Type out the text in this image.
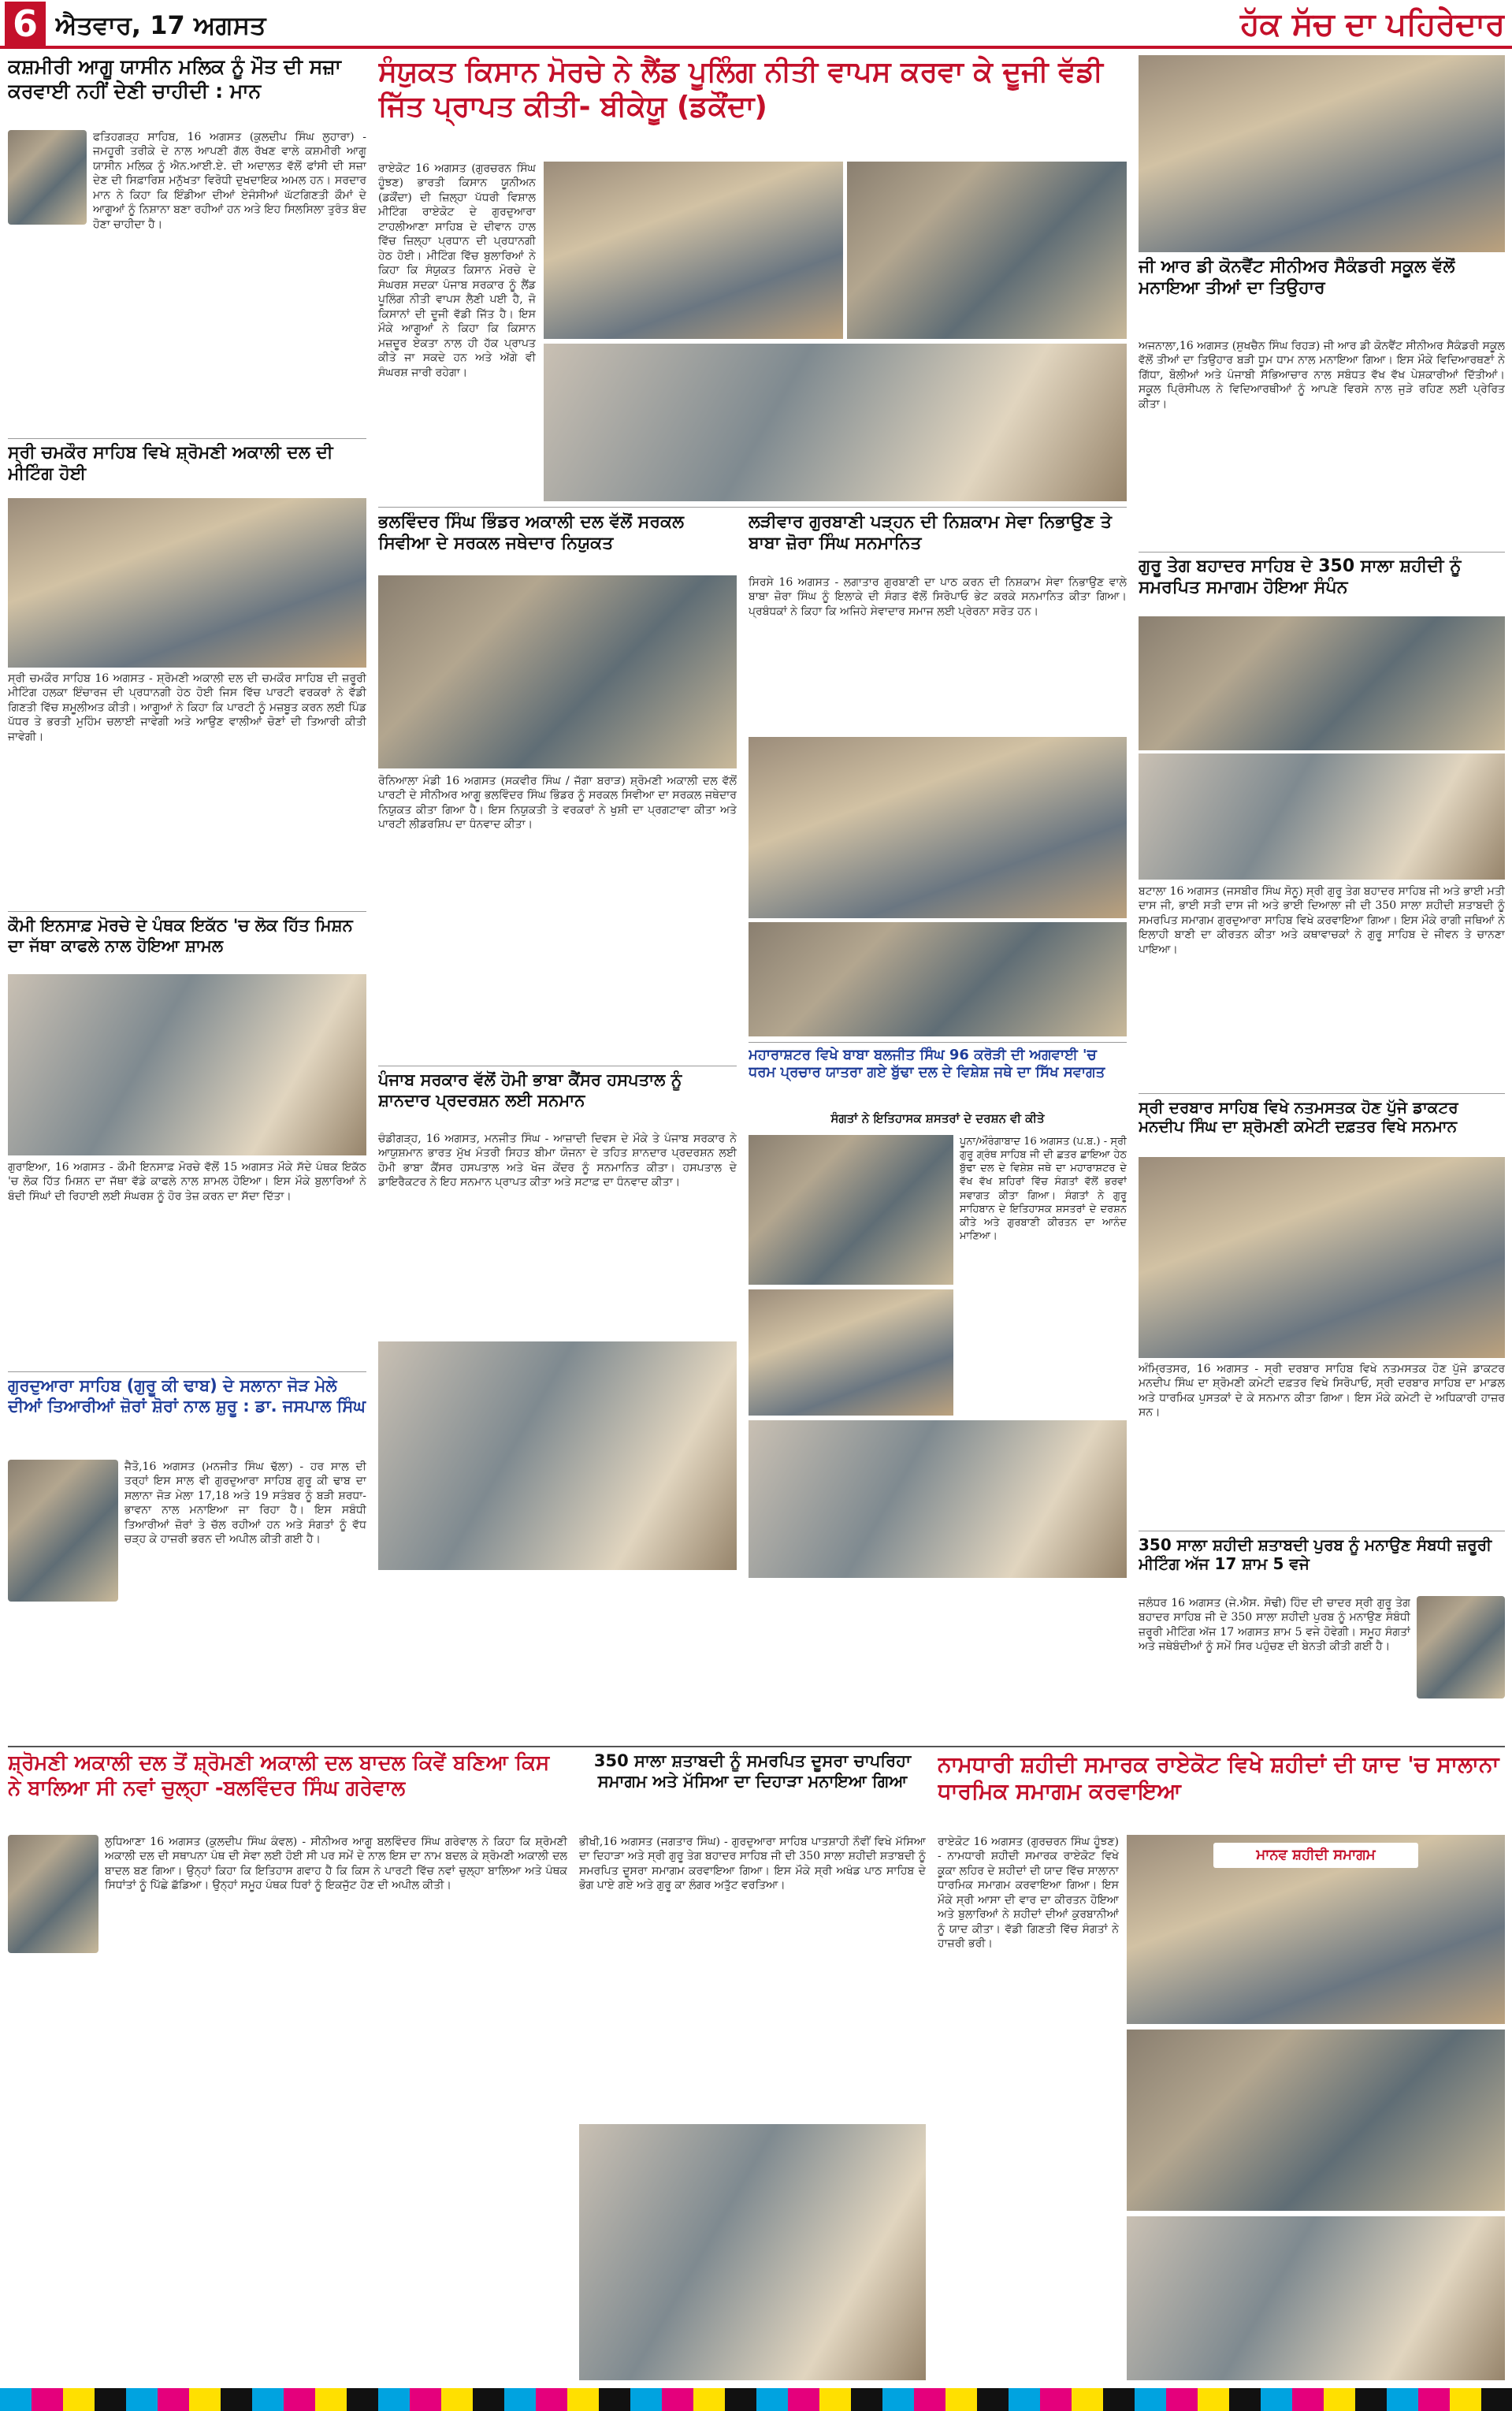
6 ਐਤਵਾਰ, 17 ਅਗਸਤ	ਹੱਕ ਸੱਚ ਦਾ ਪਹਿਰੇਦਾਰ
ਕਸ਼ਮੀਰੀ ਆਗੂ ਯਾਸੀਨ ਮਲਿਕ ਨੂੰ ਮੌਤ ਦੀ ਸਜ਼ਾ ਕਰਵਾਈ ਨਹੀਂ ਦੇਣੀ ਚਾਹੀਦੀ : ਮਾਨ
ਫਤਿਹਗੜ੍ਹ ਸਾਹਿਬ, 16 ਅਗਸਤ (ਕੁਲਦੀਪ ਸਿੰਘ ਲੁਹਾਰਾ) - ਜਮਹੂਰੀ ਤਰੀਕੇ ਦੇ ਨਾਲ ਆਪਣੀ ਗੱਲ ਰੱਖਣ ਵਾਲੇ ਕਸ਼ਮੀਰੀ ਆਗੂ ਯਾਸੀਨ ਮਲਿਕ ਨੂੰ ਐਨ.ਆਈ.ਏ. ਦੀ ਅਦਾਲਤ ਵੱਲੋਂ ਫਾਂਸੀ ਦੀ ਸਜ਼ਾ ਦੇਣ ਦੀ ਸਿਫ਼ਾਰਿਸ਼ ਮਨੁੱਖਤਾ ਵਿਰੋਧੀ ਦੁਖਦਾਇਕ ਅਮਲ ਹਨ। ਸਰਦਾਰ ਮਾਨ ਨੇ ਕਿਹਾ ਕਿ ਇੰਡੀਆ ਦੀਆਂ ਏਜੰਸੀਆਂ ਘੱਟਗਿਣਤੀ ਕੌਮਾਂ ਦੇ ਆਗੂਆਂ ਨੂੰ ਨਿਸ਼ਾਨਾ ਬਣਾ ਰਹੀਆਂ ਹਨ ਅਤੇ ਇਹ ਸਿਲਸਿਲਾ ਤੁਰੰਤ ਬੰਦ ਹੋਣਾ ਚਾਹੀਦਾ ਹੈ।
ਸ੍ਰੀ ਚਮਕੌਰ ਸਾਹਿਬ ਵਿਖੇ ਸ਼੍ਰੋਮਣੀ ਅਕਾਲੀ ਦਲ ਦੀ ਮੀਟਿੰਗ ਹੋਈ
ਸ੍ਰੀ ਚਮਕੌਰ ਸਾਹਿਬ 16 ਅਗਸਤ - ਸ਼੍ਰੋਮਣੀ ਅਕਾਲੀ ਦਲ ਦੀ ਚਮਕੌਰ ਸਾਹਿਬ ਦੀ ਜ਼ਰੂਰੀ ਮੀਟਿੰਗ ਹਲਕਾ ਇੰਚਾਰਜ ਦੀ ਪ੍ਰਧਾਨਗੀ ਹੇਠ ਹੋਈ ਜਿਸ ਵਿੱਚ ਪਾਰਟੀ ਵਰਕਰਾਂ ਨੇ ਵੱਡੀ ਗਿਣਤੀ ਵਿੱਚ ਸ਼ਮੂਲੀਅਤ ਕੀਤੀ। ਆਗੂਆਂ ਨੇ ਕਿਹਾ ਕਿ ਪਾਰਟੀ ਨੂੰ ਮਜ਼ਬੂਤ ਕਰਨ ਲਈ ਪਿੰਡ ਪੱਧਰ ਤੇ ਭਰਤੀ ਮੁਹਿੰਮ ਚਲਾਈ ਜਾਵੇਗੀ ਅਤੇ ਆਉਣ ਵਾਲੀਆਂ ਚੋਣਾਂ ਦੀ ਤਿਆਰੀ ਕੀਤੀ ਜਾਵੇਗੀ।
ਕੌਮੀ ਇਨਸਾਫ਼ ਮੋਰਚੇ ਦੇ ਪੰਥਕ ਇਕੱਠ 'ਚ ਲੋਕ ਹਿੱਤ ਮਿਸ਼ਨ ਦਾ ਜੱਥਾ ਕਾਫਲੇ ਨਾਲ ਹੋਇਆ ਸ਼ਾਮਲ
ਗੁਰਾਇਆ, 16 ਅਗਸਤ - ਕੌਮੀ ਇਨਸਾਫ਼ ਮੋਰਚੇ ਵੱਲੋਂ 15 ਅਗਸਤ ਮੌਕੇ ਸੱਦੇ ਪੰਥਕ ਇਕੱਠ 'ਚ ਲੋਕ ਹਿੱਤ ਮਿਸ਼ਨ ਦਾ ਜੱਥਾ ਵੱਡੇ ਕਾਫਲੇ ਨਾਲ ਸ਼ਾਮਲ ਹੋਇਆ। ਇਸ ਮੌਕੇ ਬੁਲਾਰਿਆਂ ਨੇ ਬੰਦੀ ਸਿੰਘਾਂ ਦੀ ਰਿਹਾਈ ਲਈ ਸੰਘਰਸ਼ ਨੂੰ ਹੋਰ ਤੇਜ਼ ਕਰਨ ਦਾ ਸੱਦਾ ਦਿੱਤਾ।
ਗੁਰਦੁਆਰਾ ਸਾਹਿਬ (ਗੁਰੂ ਕੀ ਢਾਬ) ਦੇ ਸਲਾਨਾ ਜੋੜ ਮੇਲੇ ਦੀਆਂ ਤਿਆਰੀਆਂ ਜ਼ੋਰਾਂ ਸ਼ੋਰਾਂ ਨਾਲ ਸ਼ੁਰੂ : ਡਾ. ਜਸਪਾਲ ਸਿੰਘ
ਜੈਤੋ,16 ਅਗਸਤ (ਮਨਜੀਤ ਸਿੰਘ ਢੱਲਾ) - ਹਰ ਸਾਲ ਦੀ ਤਰ੍ਹਾਂ ਇਸ ਸਾਲ ਵੀ ਗੁਰਦੁਆਰਾ ਸਾਹਿਬ ਗੁਰੂ ਕੀ ਢਾਬ ਦਾ ਸਲਾਨਾ ਜੋੜ ਮੇਲਾ 17,18 ਅਤੇ 19 ਸਤੰਬਰ ਨੂੰ ਬੜੀ ਸ਼ਰਧਾ-ਭਾਵਨਾ ਨਾਲ ਮਨਾਇਆ ਜਾ ਰਿਹਾ ਹੈ। ਇਸ ਸਬੰਧੀ ਤਿਆਰੀਆਂ ਜ਼ੋਰਾਂ ਤੇ ਚੱਲ ਰਹੀਆਂ ਹਨ ਅਤੇ ਸੰਗਤਾਂ ਨੂੰ ਵੱਧ ਚੜ੍ਹ ਕੇ ਹਾਜ਼ਰੀ ਭਰਨ ਦੀ ਅਪੀਲ ਕੀਤੀ ਗਈ ਹੈ।
ਸੰਯੁਕਤ ਕਿਸਾਨ ਮੋਰਚੇ ਨੇ ਲੈਂਡ ਪੂਲਿੰਗ ਨੀਤੀ ਵਾਪਸ ਕਰਵਾ ਕੇ ਦੂਜੀ ਵੱਡੀ ਜਿੱਤ ਪ੍ਰਾਪਤ ਕੀਤੀ- ਬੀਕੇਯੂ (ਡਕੌਂਦਾ)
ਰਾਏਕੋਟ 16 ਅਗਸਤ (ਗੁਰਚਰਨ ਸਿੰਘ ਹੂੰਝਣ) ਭਾਰਤੀ ਕਿਸਾਨ ਯੂਨੀਅਨ (ਡਕੌਂਦਾ) ਦੀ ਜ਼ਿਲ੍ਹਾ ਪੱਧਰੀ ਵਿਸ਼ਾਲ ਮੀਟਿੰਗ ਰਾਏਕੋਟ ਦੇ ਗੁਰਦੁਆਰਾ ਟਾਹਲੀਆਣਾ ਸਾਹਿਬ ਦੇ ਦੀਵਾਨ ਹਾਲ ਵਿੱਚ ਜ਼ਿਲ੍ਹਾ ਪ੍ਰਧਾਨ ਦੀ ਪ੍ਰਧਾਨਗੀ ਹੇਠ ਹੋਈ। ਮੀਟਿੰਗ ਵਿੱਚ ਬੁਲਾਰਿਆਂ ਨੇ ਕਿਹਾ ਕਿ ਸੰਯੁਕਤ ਕਿਸਾਨ ਮੋਰਚੇ ਦੇ ਸੰਘਰਸ਼ ਸਦਕਾ ਪੰਜਾਬ ਸਰਕਾਰ ਨੂੰ ਲੈਂਡ ਪੂਲਿੰਗ ਨੀਤੀ ਵਾਪਸ ਲੈਣੀ ਪਈ ਹੈ, ਜੋ ਕਿਸਾਨਾਂ ਦੀ ਦੂਜੀ ਵੱਡੀ ਜਿੱਤ ਹੈ। ਇਸ ਮੌਕੇ ਆਗੂਆਂ ਨੇ ਕਿਹਾ ਕਿ ਕਿਸਾਨ ਮਜ਼ਦੂਰ ਏਕਤਾ ਨਾਲ ਹੀ ਹੱਕ ਪ੍ਰਾਪਤ ਕੀਤੇ ਜਾ ਸਕਦੇ ਹਨ ਅਤੇ ਅੱਗੇ ਵੀ ਸੰਘਰਸ਼ ਜਾਰੀ ਰਹੇਗਾ।
ਭਲਵਿੰਦਰ ਸਿੰਘ ਭਿੰਡਰ ਅਕਾਲੀ ਦਲ ਵੱਲੋਂ ਸਰਕਲ ਸਿਵੀਆ ਦੇ ਸਰਕਲ ਜਥੇਦਾਰ ਨਿਯੁਕਤ
ਰੋਨਿਆਲਾ ਮੰਡੀ 16 ਅਗਸਤ (ਸਕਵੀਰ ਸਿੰਘ / ਜੱਗਾ ਬਰਾੜ) ਸ਼੍ਰੋਮਣੀ ਅਕਾਲੀ ਦਲ ਵੱਲੋਂ ਪਾਰਟੀ ਦੇ ਸੀਨੀਅਰ ਆਗੂ ਭਲਵਿੰਦਰ ਸਿੰਘ ਭਿੰਡਰ ਨੂੰ ਸਰਕਲ ਸਿਵੀਆ ਦਾ ਸਰਕਲ ਜਥੇਦਾਰ ਨਿਯੁਕਤ ਕੀਤਾ ਗਿਆ ਹੈ। ਇਸ ਨਿਯੁਕਤੀ ਤੇ ਵਰਕਰਾਂ ਨੇ ਖੁਸ਼ੀ ਦਾ ਪ੍ਰਗਟਾਵਾ ਕੀਤਾ ਅਤੇ ਪਾਰਟੀ ਲੀਡਰਸ਼ਿਪ ਦਾ ਧੰਨਵਾਦ ਕੀਤਾ।
ਪੰਜਾਬ ਸਰਕਾਰ ਵੱਲੋਂ ਹੋਮੀ ਭਾਬਾ ਕੈਂਸਰ ਹਸਪਤਾਲ ਨੂੰ ਸ਼ਾਨਦਾਰ ਪ੍ਰਦਰਸ਼ਨ ਲਈ ਸਨਮਾਨ
ਚੰਡੀਗੜ੍ਹ, 16 ਅਗਸਤ, ਮਨਜੀਤ ਸਿੰਘ - ਆਜ਼ਾਦੀ ਦਿਵਸ ਦੇ ਮੌਕੇ ਤੇ ਪੰਜਾਬ ਸਰਕਾਰ ਨੇ ਆਯੁਸ਼ਮਾਨ ਭਾਰਤ ਮੁੱਖ ਮੰਤਰੀ ਸਿਹਤ ਬੀਮਾ ਯੋਜਨਾ ਦੇ ਤਹਿਤ ਸ਼ਾਨਦਾਰ ਪ੍ਰਦਰਸ਼ਨ ਲਈ ਹੋਮੀ ਭਾਬਾ ਕੈਂਸਰ ਹਸਪਤਾਲ ਅਤੇ ਖੋਜ ਕੇਂਦਰ ਨੂੰ ਸਨਮਾਨਿਤ ਕੀਤਾ। ਹਸਪਤਾਲ ਦੇ ਡਾਇਰੈਕਟਰ ਨੇ ਇਹ ਸਨਮਾਨ ਪ੍ਰਾਪਤ ਕੀਤਾ ਅਤੇ ਸਟਾਫ਼ ਦਾ ਧੰਨਵਾਦ ਕੀਤਾ।
ਲੜੀਵਾਰ ਗੁਰਬਾਣੀ ਪੜ੍ਹਨ ਦੀ ਨਿਸ਼ਕਾਮ ਸੇਵਾ ਨਿਭਾਉਣ ਤੇ ਬਾਬਾ ਜ਼ੋਰਾ ਸਿੰਘ ਸਨਮਾਨਿਤ
ਸਿਰਸੇ 16 ਅਗਸਤ - ਲਗਾਤਾਰ ਗੁਰਬਾਣੀ ਦਾ ਪਾਠ ਕਰਨ ਦੀ ਨਿਸ਼ਕਾਮ ਸੇਵਾ ਨਿਭਾਉਣ ਵਾਲੇ ਬਾਬਾ ਜ਼ੋਰਾ ਸਿੰਘ ਨੂੰ ਇਲਾਕੇ ਦੀ ਸੰਗਤ ਵੱਲੋਂ ਸਿਰੋਪਾਓ ਭੇਟ ਕਰਕੇ ਸਨਮਾਨਿਤ ਕੀਤਾ ਗਿਆ। ਪ੍ਰਬੰਧਕਾਂ ਨੇ ਕਿਹਾ ਕਿ ਅਜਿਹੇ ਸੇਵਾਦਾਰ ਸਮਾਜ ਲਈ ਪ੍ਰੇਰਨਾ ਸਰੋਤ ਹਨ।
ਮਹਾਰਾਸ਼ਟਰ ਵਿਖੇ ਬਾਬਾ ਬਲਜੀਤ ਸਿੰਘ 96 ਕਰੋੜੀ ਦੀ ਅਗਵਾਈ 'ਚ ਧਰਮ ਪ੍ਰਚਾਰ ਯਾਤਰਾ ਗਏ ਬੁੱਢਾ ਦਲ ਦੇ ਵਿਸ਼ੇਸ਼ ਜਥੇ ਦਾ ਸਿੱਖ ਸਵਾਗਤ
ਸੰਗਤਾਂ ਨੇ ਇਤਿਹਾਸਕ ਸ਼ਸਤਰਾਂ ਦੇ ਦਰਸ਼ਨ ਵੀ ਕੀਤੇ
ਪੂਨਾ/ਔਰੰਗਾਬਾਦ 16 ਅਗਸਤ (ਪ.ਬ.) - ਸ੍ਰੀ ਗੁਰੂ ਗ੍ਰੰਥ ਸਾਹਿਬ ਜੀ ਦੀ ਛਤਰ ਛਾਇਆ ਹੇਠ ਬੁੱਢਾ ਦਲ ਦੇ ਵਿਸ਼ੇਸ਼ ਜਥੇ ਦਾ ਮਹਾਰਾਸ਼ਟਰ ਦੇ ਵੱਖ ਵੱਖ ਸ਼ਹਿਰਾਂ ਵਿੱਚ ਸੰਗਤਾਂ ਵੱਲੋਂ ਭਰਵਾਂ ਸਵਾਗਤ ਕੀਤਾ ਗਿਆ। ਸੰਗਤਾਂ ਨੇ ਗੁਰੂ ਸਾਹਿਬਾਨ ਦੇ ਇਤਿਹਾਸਕ ਸ਼ਸਤਰਾਂ ਦੇ ਦਰਸ਼ਨ ਕੀਤੇ ਅਤੇ ਗੁਰਬਾਣੀ ਕੀਰਤਨ ਦਾ ਆਨੰਦ ਮਾਣਿਆ।
ਜੀ ਆਰ ਡੀ ਕੋਨਵੈਂਟ ਸੀਨੀਅਰ ਸੈਕੰਡਰੀ ਸਕੂਲ ਵੱਲੋਂ ਮਨਾਇਆ ਤੀਆਂ ਦਾ ਤਿਉਹਾਰ
ਅਜਨਾਲਾ,16 ਅਗਸਤ (ਸੁਖਚੈਨ ਸਿੰਘ ਰਿਹੜ) ਜੀ ਆਰ ਡੀ ਕੋਨਵੈਂਟ ਸੀਨੀਅਰ ਸੈਕੰਡਰੀ ਸਕੂਲ ਵੱਲੋਂ ਤੀਆਂ ਦਾ ਤਿਉਹਾਰ ਬੜੀ ਧੂਮ ਧਾਮ ਨਾਲ ਮਨਾਇਆ ਗਿਆ। ਇਸ ਮੌਕੇ ਵਿਦਿਆਰਥਣਾਂ ਨੇ ਗਿੱਧਾ, ਬੋਲੀਆਂ ਅਤੇ ਪੰਜਾਬੀ ਸੱਭਿਆਚਾਰ ਨਾਲ ਸਬੰਧਤ ਵੱਖ ਵੱਖ ਪੇਸ਼ਕਾਰੀਆਂ ਦਿੱਤੀਆਂ। ਸਕੂਲ ਪ੍ਰਿੰਸੀਪਲ ਨੇ ਵਿਦਿਆਰਥੀਆਂ ਨੂੰ ਆਪਣੇ ਵਿਰਸੇ ਨਾਲ ਜੁੜੇ ਰਹਿਣ ਲਈ ਪ੍ਰੇਰਿਤ ਕੀਤਾ।
ਗੁਰੂ ਤੇਗ ਬਹਾਦਰ ਸਾਹਿਬ ਦੇ 350 ਸਾਲਾ ਸ਼ਹੀਦੀ ਨੂੰ ਸਮਰਪਿਤ ਸਮਾਗਮ ਹੋਇਆ ਸੰਪੰਨ
ਬਟਾਲਾ 16 ਅਗਸਤ (ਜਸਬੀਰ ਸਿੰਘ ਸੋਨੂ) ਸ੍ਰੀ ਗੁਰੂ ਤੇਗ ਬਹਾਦਰ ਸਾਹਿਬ ਜੀ ਅਤੇ ਭਾਈ ਮਤੀ ਦਾਸ ਜੀ, ਭਾਈ ਸਤੀ ਦਾਸ ਜੀ ਅਤੇ ਭਾਈ ਦਿਆਲਾ ਜੀ ਦੀ 350 ਸਾਲਾ ਸ਼ਹੀਦੀ ਸ਼ਤਾਬਦੀ ਨੂੰ ਸਮਰਪਿਤ ਸਮਾਗਮ ਗੁਰਦੁਆਰਾ ਸਾਹਿਬ ਵਿਖੇ ਕਰਵਾਇਆ ਗਿਆ। ਇਸ ਮੌਕੇ ਰਾਗੀ ਜਥਿਆਂ ਨੇ ਇਲਾਹੀ ਬਾਣੀ ਦਾ ਕੀਰਤਨ ਕੀਤਾ ਅਤੇ ਕਥਾਵਾਚਕਾਂ ਨੇ ਗੁਰੂ ਸਾਹਿਬ ਦੇ ਜੀਵਨ ਤੇ ਚਾਨਣਾ ਪਾਇਆ।
ਸ੍ਰੀ ਦਰਬਾਰ ਸਾਹਿਬ ਵਿਖੇ ਨਤਮਸਤਕ ਹੋਣ ਪੁੱਜੇ ਡਾਕਟਰ ਮਨਦੀਪ ਸਿੰਘ ਦਾ ਸ਼੍ਰੋਮਣੀ ਕਮੇਟੀ ਦਫ਼ਤਰ ਵਿਖੇ ਸਨਮਾਨ
ਅੰਮ੍ਰਿਤਸਰ, 16 ਅਗਸਤ - ਸ੍ਰੀ ਦਰਬਾਰ ਸਾਹਿਬ ਵਿਖੇ ਨਤਮਸਤਕ ਹੋਣ ਪੁੱਜੇ ਡਾਕਟਰ ਮਨਦੀਪ ਸਿੰਘ ਦਾ ਸ਼੍ਰੋਮਣੀ ਕਮੇਟੀ ਦਫ਼ਤਰ ਵਿਖੇ ਸਿਰੋਪਾਓ, ਸ੍ਰੀ ਦਰਬਾਰ ਸਾਹਿਬ ਦਾ ਮਾਡਲ ਅਤੇ ਧਾਰਮਿਕ ਪੁਸਤਕਾਂ ਦੇ ਕੇ ਸਨਮਾਨ ਕੀਤਾ ਗਿਆ। ਇਸ ਮੌਕੇ ਕਮੇਟੀ ਦੇ ਅਧਿਕਾਰੀ ਹਾਜ਼ਰ ਸਨ।
350 ਸਾਲਾ ਸ਼ਹੀਦੀ ਸ਼ਤਾਬਦੀ ਪੁਰਬ ਨੂੰ ਮਨਾਉਣ ਸੰਬਧੀ ਜ਼ਰੂਰੀ ਮੀਟਿੰਗ ਅੱਜ 17 ਸ਼ਾਮ 5 ਵਜੇ
ਜਲੰਧਰ 16 ਅਗਸਤ (ਜੇ.ਐਸ. ਸੋਢੀ) ਹਿੰਦ ਦੀ ਚਾਦਰ ਸ੍ਰੀ ਗੁਰੂ ਤੇਗ ਬਹਾਦਰ ਸਾਹਿਬ ਜੀ ਦੇ 350 ਸਾਲਾ ਸ਼ਹੀਦੀ ਪੁਰਬ ਨੂੰ ਮਨਾਉਣ ਸੰਬੰਧੀ ਜ਼ਰੂਰੀ ਮੀਟਿੰਗ ਅੱਜ 17 ਅਗਸਤ ਸ਼ਾਮ 5 ਵਜੇ ਹੋਵੇਗੀ। ਸਮੂਹ ਸੰਗਤਾਂ ਅਤੇ ਜਥੇਬੰਦੀਆਂ ਨੂੰ ਸਮੇਂ ਸਿਰ ਪਹੁੰਚਣ ਦੀ ਬੇਨਤੀ ਕੀਤੀ ਗਈ ਹੈ।
ਸ਼੍ਰੋਮਣੀ ਅਕਾਲੀ ਦਲ ਤੋਂ ਸ਼੍ਰੋਮਣੀ ਅਕਾਲੀ ਦਲ ਬਾਦਲ ਕਿਵੇਂ ਬਣਿਆ ਕਿਸ ਨੇ ਬਾਲਿਆ ਸੀ ਨਵਾਂ ਚੁਲ੍ਹਾ -ਬਲਵਿੰਦਰ ਸਿੰਘ ਗਰੇਵਾਲ
ਲੁਧਿਆਣਾ 16 ਅਗਸਤ (ਕੁਲਦੀਪ ਸਿੰਘ ਕੰਵਲ) - ਸੀਨੀਅਰ ਆਗੂ ਬਲਵਿੰਦਰ ਸਿੰਘ ਗਰੇਵਾਲ ਨੇ ਕਿਹਾ ਕਿ ਸ਼੍ਰੋਮਣੀ ਅਕਾਲੀ ਦਲ ਦੀ ਸਥਾਪਨਾ ਪੰਥ ਦੀ ਸੇਵਾ ਲਈ ਹੋਈ ਸੀ ਪਰ ਸਮੇਂ ਦੇ ਨਾਲ ਇਸ ਦਾ ਨਾਮ ਬਦਲ ਕੇ ਸ਼੍ਰੋਮਣੀ ਅਕਾਲੀ ਦਲ ਬਾਦਲ ਬਣ ਗਿਆ। ਉਨ੍ਹਾਂ ਕਿਹਾ ਕਿ ਇਤਿਹਾਸ ਗਵਾਹ ਹੈ ਕਿ ਕਿਸ ਨੇ ਪਾਰਟੀ ਵਿੱਚ ਨਵਾਂ ਚੁਲ੍ਹਾ ਬਾਲਿਆ ਅਤੇ ਪੰਥਕ ਸਿਧਾਂਤਾਂ ਨੂੰ ਪਿੱਛੇ ਛੱਡਿਆ। ਉਨ੍ਹਾਂ ਸਮੂਹ ਪੰਥਕ ਧਿਰਾਂ ਨੂੰ ਇਕਜੁੱਟ ਹੋਣ ਦੀ ਅਪੀਲ ਕੀਤੀ।
350 ਸਾਲਾ ਸ਼ਤਾਬਦੀ ਨੂੰ ਸਮਰਪਿਤ ਦੂਸਰਾ ਚਾਪਰਿਹਾ ਸਮਾਗਮ ਅਤੇ ਮੱਸਿਆ ਦਾ ਦਿਹਾੜਾ ਮਨਾਇਆ ਗਿਆ
ਭੀਖੀ,16 ਅਗਸਤ (ਜਗਤਾਰ ਸਿੰਘ) - ਗੁਰਦੁਆਰਾ ਸਾਹਿਬ ਪਾਤਸ਼ਾਹੀ ਨੌਵੀਂ ਵਿਖੇ ਮੱਸਿਆ ਦਾ ਦਿਹਾੜਾ ਅਤੇ ਸ੍ਰੀ ਗੁਰੂ ਤੇਗ ਬਹਾਦਰ ਸਾਹਿਬ ਜੀ ਦੀ 350 ਸਾਲਾ ਸ਼ਹੀਦੀ ਸ਼ਤਾਬਦੀ ਨੂੰ ਸਮਰਪਿਤ ਦੂਸਰਾ ਸਮਾਗਮ ਕਰਵਾਇਆ ਗਿਆ। ਇਸ ਮੌਕੇ ਸ੍ਰੀ ਅਖੰਡ ਪਾਠ ਸਾਹਿਬ ਦੇ ਭੋਗ ਪਾਏ ਗਏ ਅਤੇ ਗੁਰੂ ਕਾ ਲੰਗਰ ਅਤੁੱਟ ਵਰਤਿਆ।
ਨਾਮਧਾਰੀ ਸ਼ਹੀਦੀ ਸਮਾਰਕ ਰਾਏਕੋਟ ਵਿਖੇ ਸ਼ਹੀਦਾਂ ਦੀ ਯਾਦ 'ਚ ਸਾਲਾਨਾ ਧਾਰਮਿਕ ਸਮਾਗਮ ਕਰਵਾਇਆ
ਰਾਏਕੋਟ 16 ਅਗਸਤ (ਗੁਰਚਰਨ ਸਿੰਘ ਹੂੰਝਣ) - ਨਾਮਧਾਰੀ ਸ਼ਹੀਦੀ ਸਮਾਰਕ ਰਾਏਕੋਟ ਵਿਖੇ ਕੂਕਾ ਲਹਿਰ ਦੇ ਸ਼ਹੀਦਾਂ ਦੀ ਯਾਦ ਵਿੱਚ ਸਾਲਾਨਾ ਧਾਰਮਿਕ ਸਮਾਗਮ ਕਰਵਾਇਆ ਗਿਆ। ਇਸ ਮੌਕੇ ਸ੍ਰੀ ਆਸਾ ਦੀ ਵਾਰ ਦਾ ਕੀਰਤਨ ਹੋਇਆ ਅਤੇ ਬੁਲਾਰਿਆਂ ਨੇ ਸ਼ਹੀਦਾਂ ਦੀਆਂ ਕੁਰਬਾਨੀਆਂ ਨੂੰ ਯਾਦ ਕੀਤਾ। ਵੱਡੀ ਗਿਣਤੀ ਵਿੱਚ ਸੰਗਤਾਂ ਨੇ ਹਾਜ਼ਰੀ ਭਰੀ।
ਮਾਨਵ ਸ਼ਹੀਦੀ ਸਮਾਗਮ
